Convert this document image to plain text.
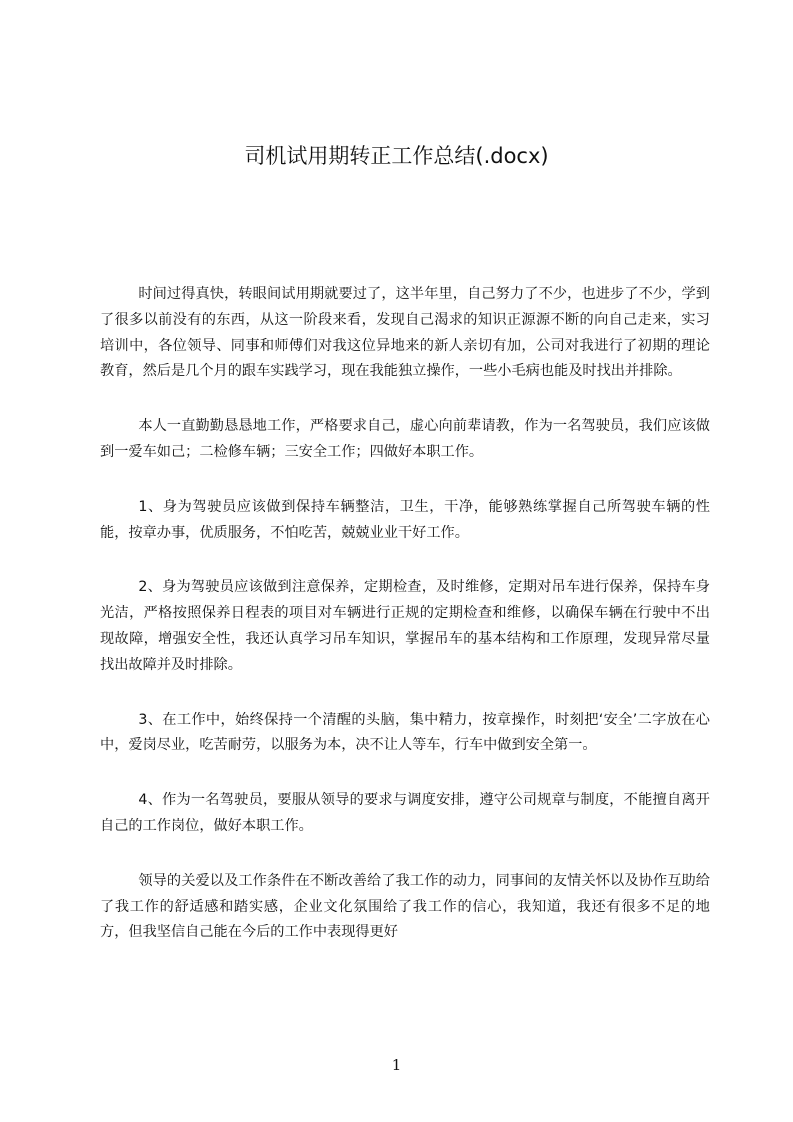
司机试用期转正工作总结(.docx)

时间过得真快，转眼间试用期就要过了，这半年里，自己努力了不少，也进步了不少，学到了很多以前没有的东西，从这一阶段来看，发现自己渴求的知识正源源不断的向自己走来，实习培训中，各位领导、同事和师傅们对我这位异地来的新人亲切有加，公司对我进行了初期的理论教育，然后是几个月的跟车实践学习，现在我能独立操作，一些小毛病也能及时找出并排除。

本人一直勤勤恳恳地工作，严格要求自己，虚心向前辈请教，作为一名驾驶员，我们应该做到一爱车如己；二检修车辆；三安全工作；四做好本职工作。

1、身为驾驶员应该做到保持车辆整洁，卫生，干净，能够熟练掌握自己所驾驶车辆的性能，按章办事，优质服务，不怕吃苦，兢兢业业干好工作。

2、身为驾驶员应该做到注意保养，定期检查，及时维修，定期对吊车进行保养，保持车身光洁，严格按照保养日程表的项目对车辆进行正规的定期检查和维修，以确保车辆在行驶中不出现故障，增强安全性，我还认真学习吊车知识，掌握吊车的基本结构和工作原理，发现异常尽量找出故障并及时排除。

3、在工作中，始终保持一个清醒的头脑，集中精力，按章操作，时刻把‘安全’二字放在心中，爱岗尽业，吃苦耐劳，以服务为本，决不让人等车，行车中做到安全第一。

4、作为一名驾驶员，要服从领导的要求与调度安排，遵守公司规章与制度，不能擅自离开自己的工作岗位，做好本职工作。

领导的关爱以及工作条件在不断改善给了我工作的动力，同事间的友情关怀以及协作互助给了我工作的舒适感和踏实感，企业文化氛围给了我工作的信心，我知道，我还有很多不足的地方，但我坚信自己能在今后的工作中表现得更好

1
